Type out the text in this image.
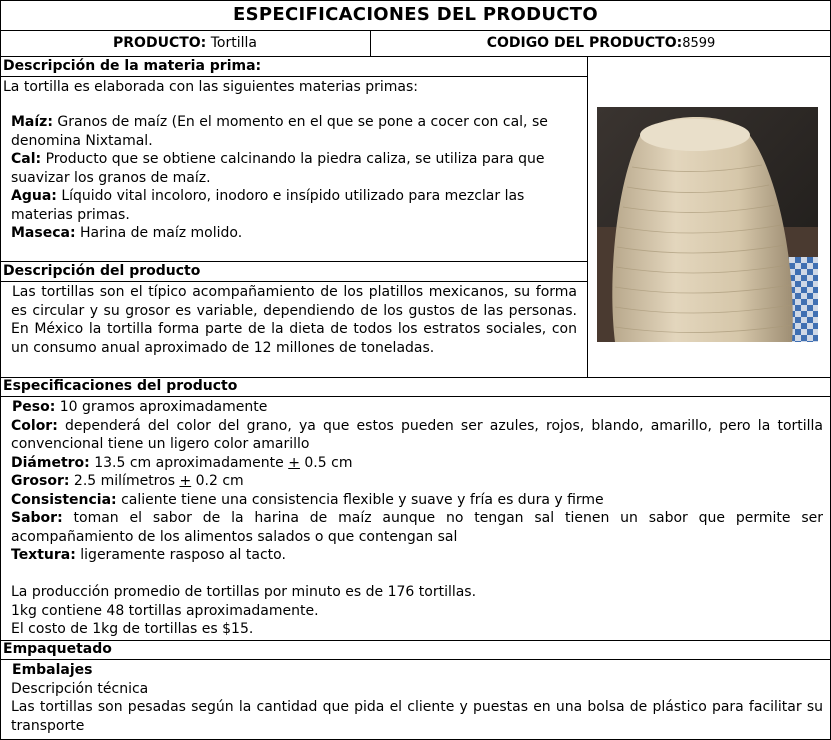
ESPECIFICACIONES DEL PRODUCTO
PRODUCTO: Tortilla	CODIGO DEL PRODUCTO:8599
Descripción de la materia prima:
La tortilla es elaborada con las siguientes materias primas:
Maíz: Granos de maíz (En el momento en el que se pone a cocer con cal, se denomina Nixtamal.
Cal: Producto que se obtiene calcinando la piedra caliza, se utiliza para que suavizar los granos de maíz.
Agua: Líquido vital incoloro, inodoro e insípido utilizado para mezclar las materias primas.
Maseca: Harina de maíz molido.
Descripción del producto
Las tortillas son el típico acompañamiento de los platillos mexicanos, su forma es circular y su grosor es variable, dependiendo de los gustos de las personas. En México la tortilla forma parte de la dieta de todos los estratos sociales, con un consumo anual aproximado de 12 millones de toneladas.
Especificaciones del producto
Peso: 10 gramos aproximadamente
Color: dependerá del color del grano, ya que estos pueden ser azules, rojos, blando, amarillo, pero la tortilla convencional tiene un ligero color amarillo
Diámetro: 13.5 cm aproximadamente + 0.5 cm
Grosor: 2.5 milímetros + 0.2 cm
Consistencia: caliente tiene una consistencia flexible y suave y fría es dura y firme
Sabor: toman el sabor de la harina de maíz aunque no tengan sal tienen un sabor que permite ser acompañamiento de los alimentos salados o que contengan sal
Textura: ligeramente rasposo al tacto.
La producción promedio de tortillas por minuto es de 176 tortillas.
1kg contiene 48 tortillas aproximadamente.
El costo de 1kg de tortillas es $15.
Empaquetado
Embalajes
Descripción técnica
Las tortillas son pesadas según la cantidad que pida el cliente y puestas en una bolsa de plástico para facilitar su transporte
